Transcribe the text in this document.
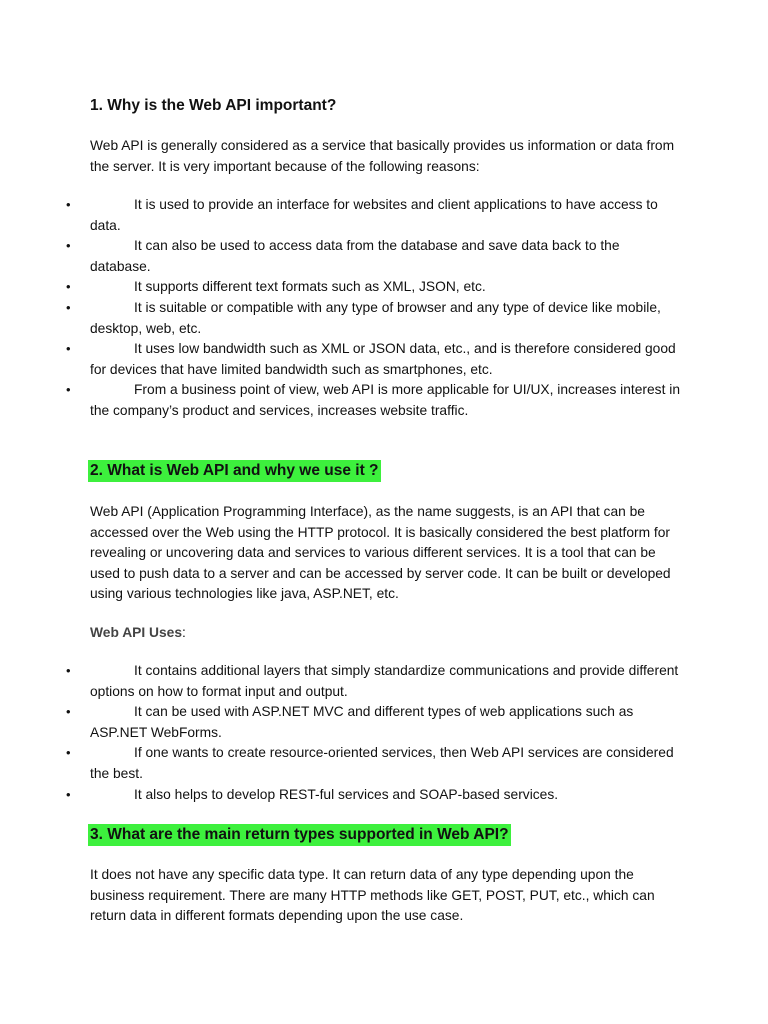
1. Why is the Web API important?

Web API is generally considered as a service that basically provides us information or data from the server. It is very important because of the following reasons:

•	It is used to provide an interface for websites and client applications to have access to data.
•	It can also be used to access data from the database and save data back to the database.
•	It supports different text formats such as XML, JSON, etc.
•	It is suitable or compatible with any type of browser and any type of device like mobile, desktop, web, etc.
•	It uses low bandwidth such as XML or JSON data, etc., and is therefore considered good for devices that have limited bandwidth such as smartphones, etc.
•	From a business point of view, web API is more applicable for UI/UX, increases interest in the company’s product and services, increases website traffic.
2. What is Web API and why we use it ?

Web API (Application Programming Interface), as the name suggests, is an API that can be accessed over the Web using the HTTP protocol. It is basically considered the best platform for revealing or uncovering data and services to various different services. It is a tool that can be used to push data to a server and can be accessed by server code. It can be built or developed using various technologies like java, ASP.NET, etc.

Web API Uses:

•	It contains additional layers that simply standardize communications and provide different options on how to format input and output.
•	It can be used with ASP.NET MVC and different types of web applications such as ASP.NET WebForms.
•	If one wants to create resource-oriented services, then Web API services are considered the best.
•	It also helps to develop REST-ful services and SOAP-based services.
3. What are the main return types supported in Web API?

It does not have any specific data type. It can return data of any type depending upon the business requirement. There are many HTTP methods like GET, POST, PUT, etc., which can return data in different formats depending upon the use case.
